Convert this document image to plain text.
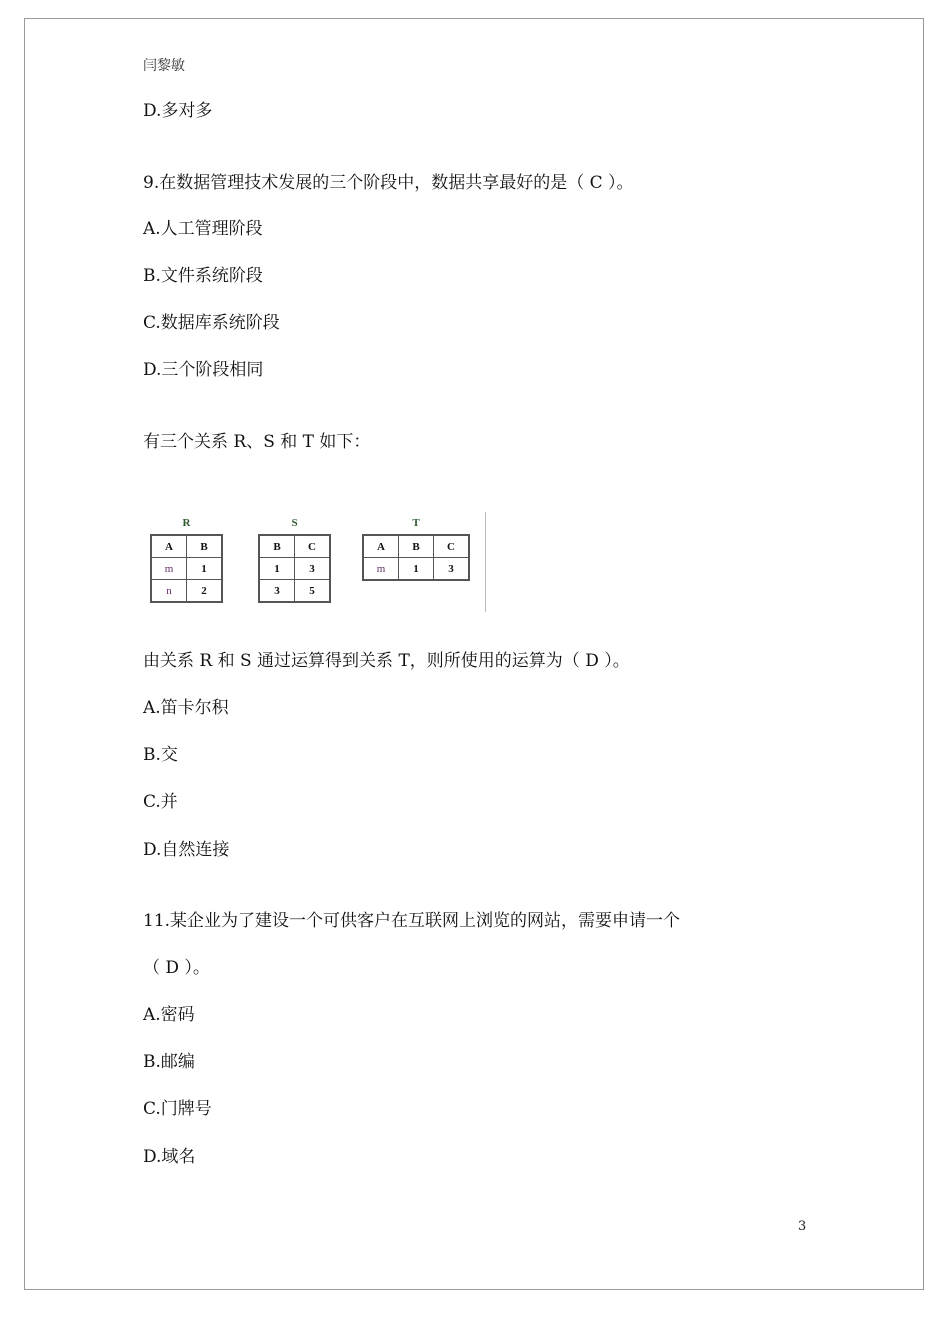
闫黎敏
D.多对多
9.在数据管理技术发展的三个阶段中，数据共享最好的是（ C ）。
A.人工管理阶段
B.文件系统阶段
C.数据库系统阶段
D.三个阶段相同
有三个关系 R、S 和 T 如下：
R
A	B
m	1
n	2
S
B	C
1	3
3	5
T
A	B	C
m	1	3
由关系 R 和 S 通过运算得到关系 T，则所使用的运算为（ D ）。
A.笛卡尔积
B.交
C.并
D.自然连接
11.某企业为了建设一个可供客户在互联网上浏览的网站，需要申请一个
（ D ）。
A.密码
B.邮编
C.门牌号
D.域名
3
